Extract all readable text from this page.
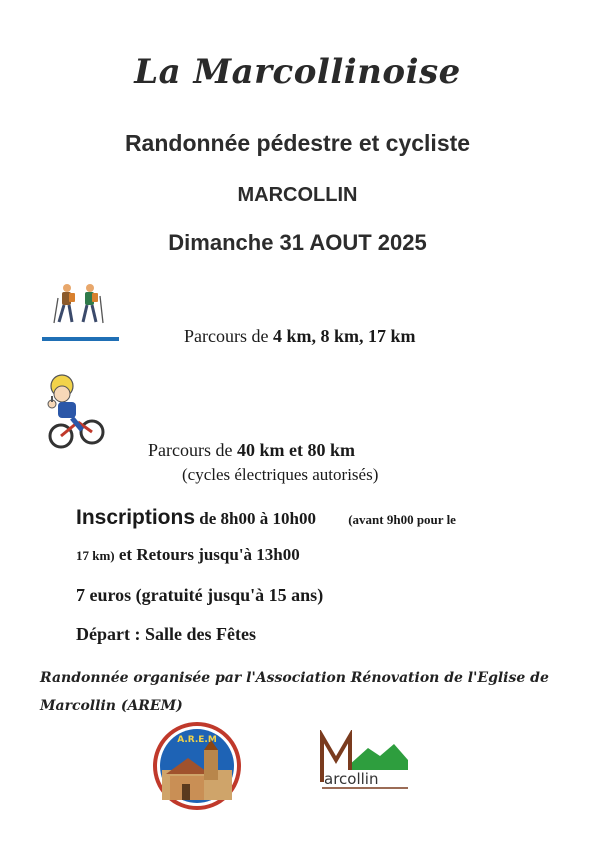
La Marcollinoise
Randonnée pédestre et cycliste
MARCOLLIN
Dimanche 31 AOUT 2025
Parcours de 4 km, 8 km, 17 km
Parcours de 40 km et 80 km
(cycles électriques autorisés)
Inscriptions de 8h00 à 10h00 (avant 9h00 pour le
17 km) et Retours jusqu'à 13h00
7 euros (gratuité jusqu'à 15 ans)
Départ : Salle des Fêtes
Randonnée organisée par l'Association Rénovation de l'Eglise de
Marcollin (AREM)
A.R.E.M
arcollin
